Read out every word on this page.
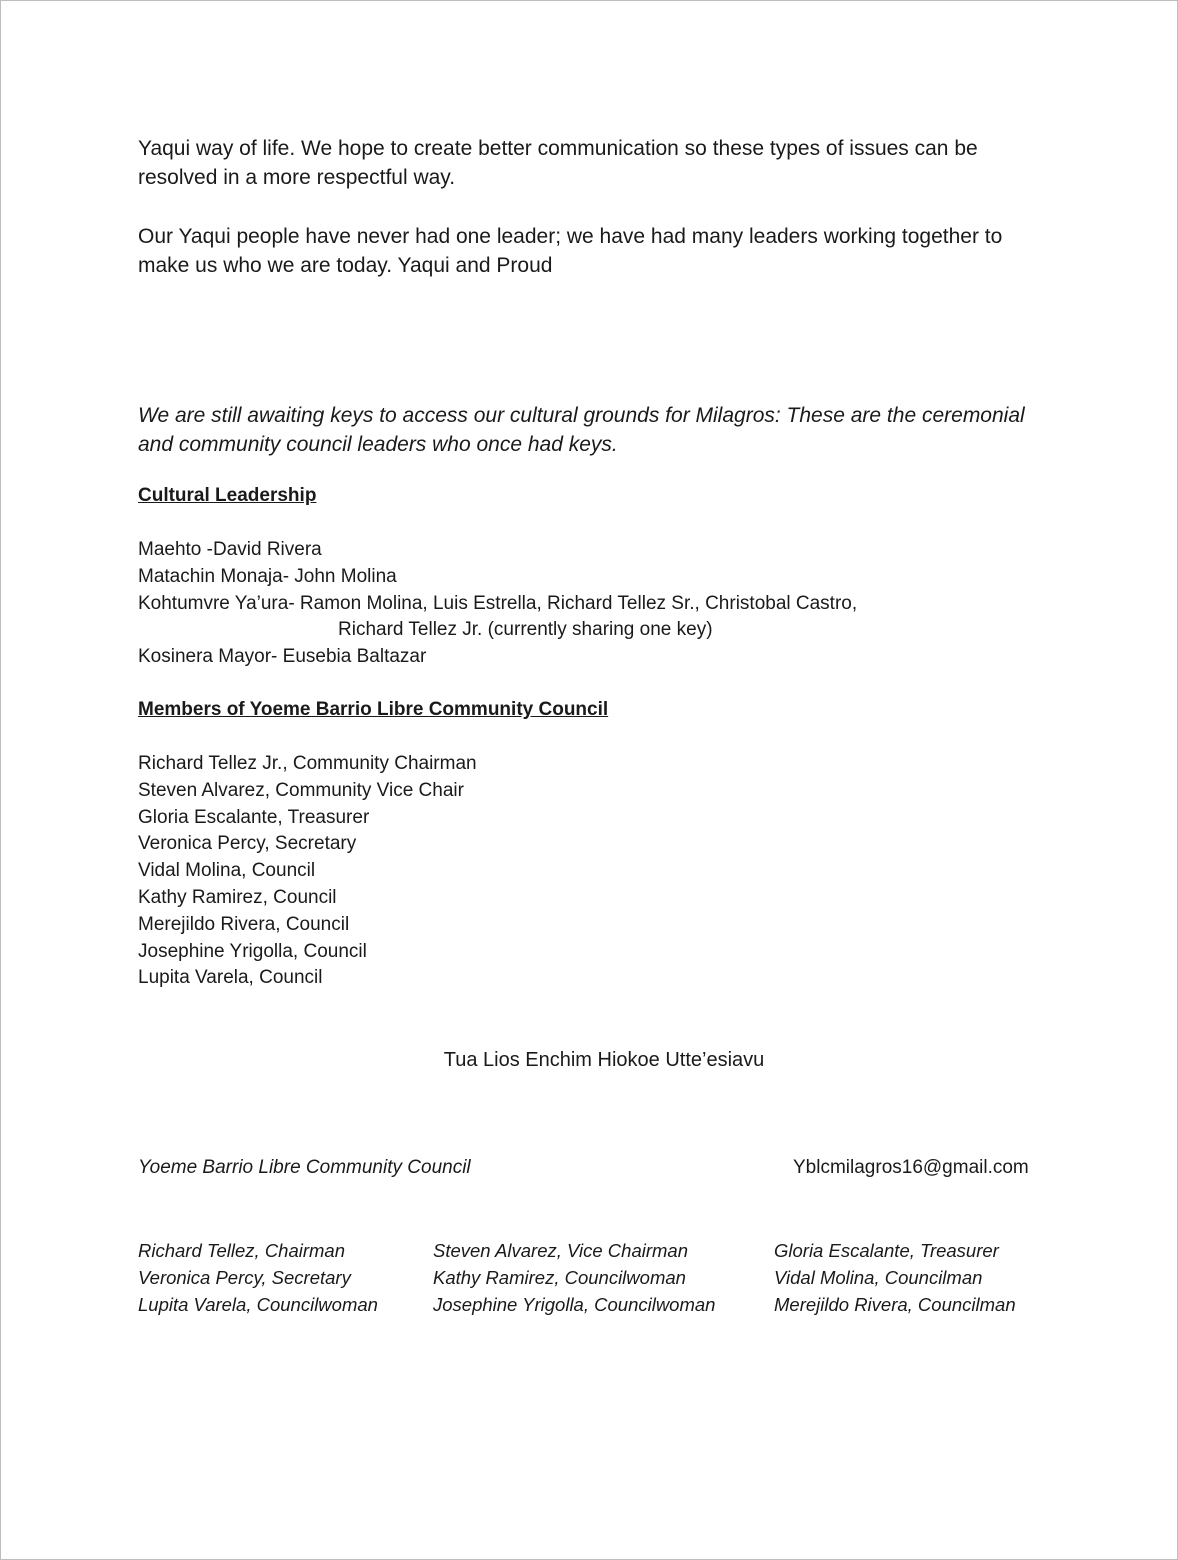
Yaqui way of life. We hope to create better communication so these types of issues can be
resolved in a more respectful way.

Our Yaqui people have never had one leader; we have had many leaders working together to
make us who we are today. Yaqui and Proud

We are still awaiting keys to access our cultural grounds for Milagros: These are the ceremonial
and community council leaders who once had keys.

Cultural Leadership
Maehto -David Rivera
Matachin Monaja- John Molina
Kohtumvre Ya’ura- Ramon Molina, Luis Estrella, Richard Tellez Sr., Christobal Castro,
Richard Tellez Jr. (currently sharing one key)
Kosinera Mayor- Eusebia Baltazar
Members of Yoeme Barrio Libre Community Council
Richard Tellez Jr., Community Chairman
Steven Alvarez, Community Vice Chair
Gloria Escalante, Treasurer
Veronica Percy, Secretary
Vidal Molina, Council
Kathy Ramirez, Council
Merejildo Rivera, Council
Josephine Yrigolla, Council
Lupita Varela, Council

Tua Lios Enchim Hiokoe Utte’esiavu

Yoeme Barrio Libre Community Council	Yblcmilagros16@gmail.com

Richard Tellez, Chairman
Veronica Percy, Secretary
Lupita Varela, Councilwoman
Steven Alvarez, Vice Chairman
Kathy Ramirez, Councilwoman
Josephine Yrigolla, Councilwoman
Gloria Escalante, Treasurer
Vidal Molina, Councilman
Merejildo Rivera, Councilman
